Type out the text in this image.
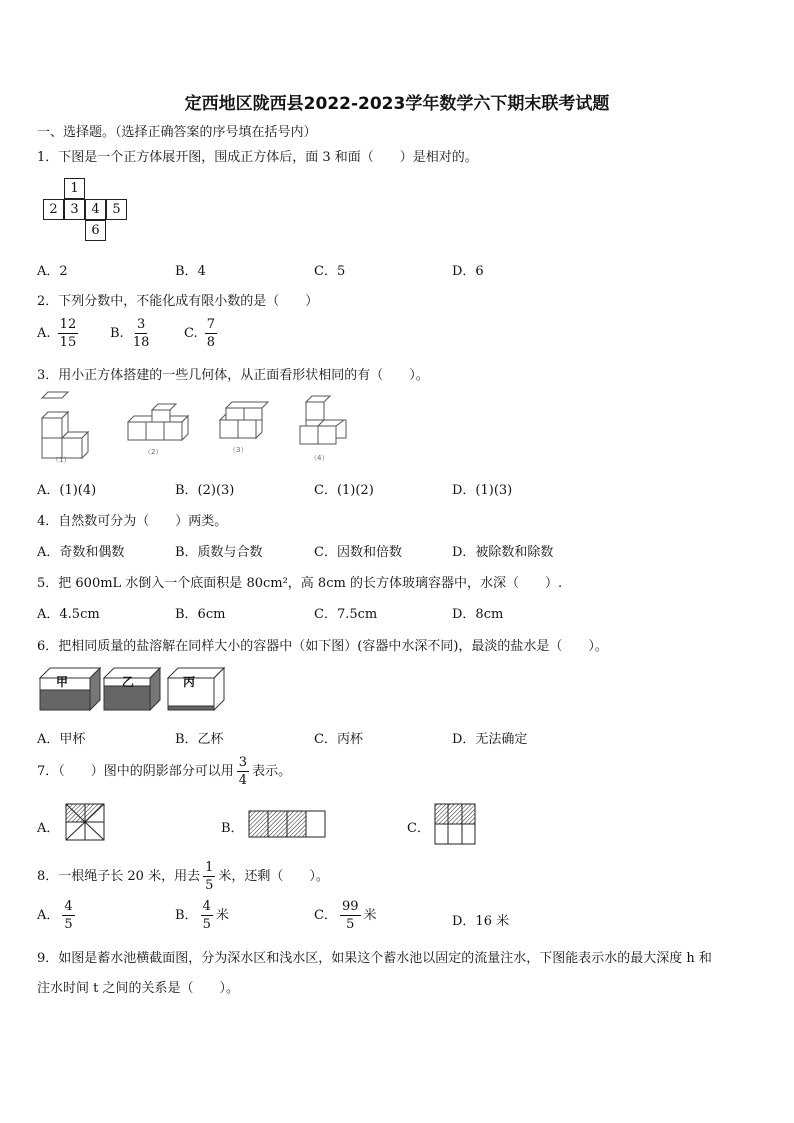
定西地区陇西县2022-2023学年数学六下期末联考试题
一、选择题。（选择正确答案的序号填在括号内）
1．下图是一个正方体展开图，围成正方体后，面 3 和面（　　）是相对的。
1
2 3 4 5
6
A．2	B．4	C．5	D．6
2．下列分数中，不能化成有限小数的是（　　）
A. $\frac{12}{15} B$. $\frac{3}{18}$	C. $\frac{7}{8}$
3．用小正方体搭建的一些几何体，从正面看形状相同的有（　　）。
（1）
（2）	（3）
（4）
A．(1)(4)	B．(2)(3)	C．(1)(2)	D．(1)(3)
4．自然数可分为（　　）两类。
A．奇数和偶数	B．质数与合数	C．因数和倍数	D．被除数和除数
5．把 600mL 水倒入一个底面积是 80cm²，高 8cm 的长方体玻璃容器中，水深（　　）.
A．4.5cm	B．6cm	C．7.5cm	D．8cm
6．把相同质量的盐溶解在同样大小的容器中（如下图）(容器中水深不同)，最淡的盐水是（　　）。
甲	乙	丙
A．甲杯	B．乙杯	C．丙杯	D．无法确定
7．（　　）图中的阴影部分可以用 $\frac{3}{4}$ 表示。
A．	B．	C．
8．一根绳子长 20 米，用去 $\frac{1}{5}$ 米，还剩（　　）。
A． $\frac{4}{5}$	B． $\frac{4}{5}$ 米	C． $\frac{99}{5}$ 米	D．16 米
9．如图是蓄水池横截面图，分为深水区和浅水区，如果这个蓄水池以固定的流量注水，下图能表示水的最大深度 h 和
注水时间 t 之间的关系是（　　）。
